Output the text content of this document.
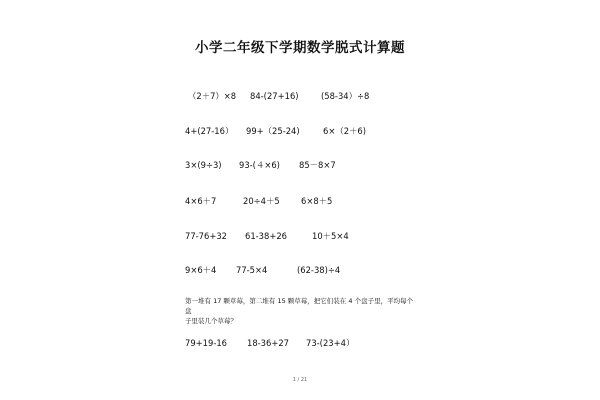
小学二年级下学期数学脱式计算题
（2＋7）×8 84-(27+16)	(58-34）÷8
4+(27-16） 99+（25-24)	6×（2＋6)
3×(9÷3) 93-(４×6) 85－8×7
4×6＋7	20÷4＋5	6×8＋5
77-76+32 61-38+26	10＋5×4
9×6＋4 77-5×4	(62-38)÷4
第一堆有 17 颗草莓，第二堆有 15 颗草莓，把它们装在 4 个盘子里，平均每个
盘
子里装几个草莓？
79+19-16 18-36+27 73-(23+4）
1 / 21
